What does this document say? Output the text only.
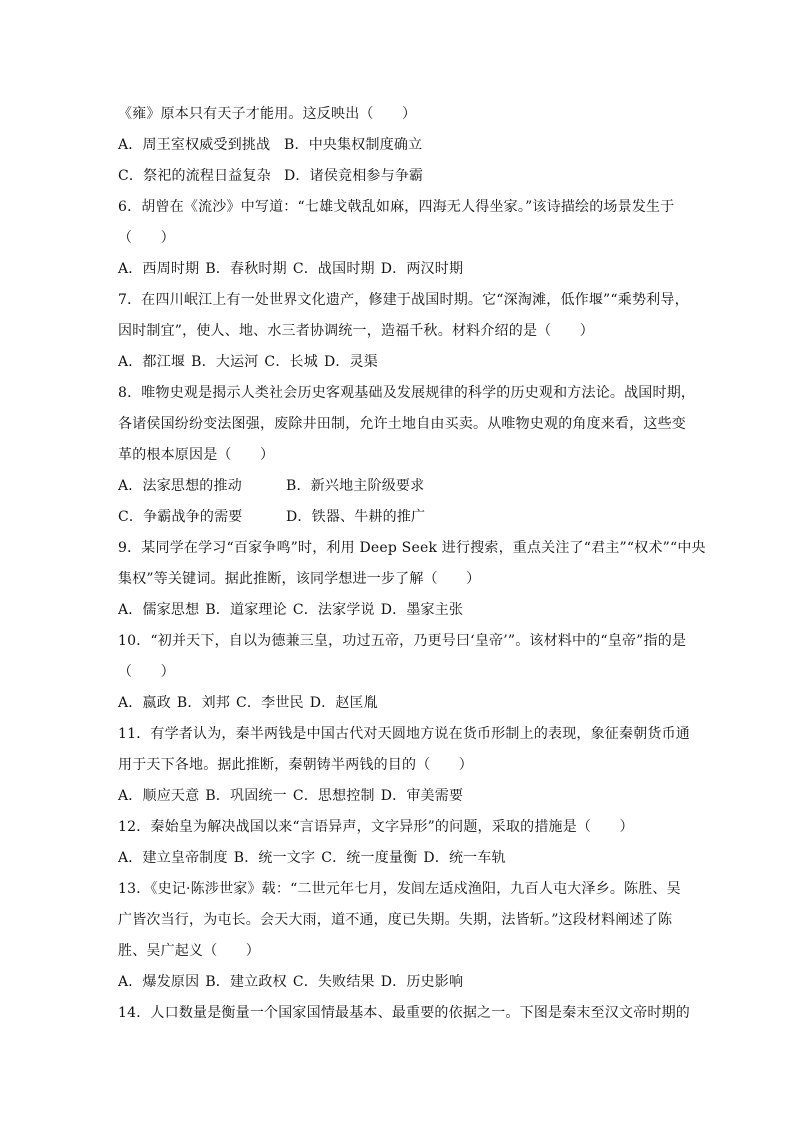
《雍》原本只有天子才能用。这反映出（　　）
A．周王室权威受到挑战 B．中央集权制度确立
C．祭祀的流程日益复杂 D．诸侯竞相参与争霸
6．胡曾在《流沙》中写道：“七雄戈戟乱如麻，四海无人得坐家。”该诗描绘的场景发生于
（　　）
A．西周时期 B．春秋时期 C．战国时期 D．两汉时期
7．在四川岷江上有一处世界文化遗产，修建于战国时期。它“深淘滩，低作堰”“乘势利导，
因时制宜”，使人、地、水三者协调统一，造福千秋。材料介绍的是（　　）
A．都江堰 B．大运河 C．长城 D．灵渠
8．唯物史观是揭示人类社会历史客观基础及发展规律的科学的历史观和方法论。战国时期，
各诸侯国纷纷变法图强，废除井田制，允许土地自由买卖。从唯物史观的角度来看，这些变
革的根本原因是（　　）
A．法家思想的推动	B．新兴地主阶级要求
C．争霸战争的需要	D．铁器、牛耕的推广
9．某同学在学习“百家争鸣”时，利用 Deep Seek 进行搜索，重点关注了“君主”“权术”“中央
集权”等关键词。据此推断，该同学想进一步了解（　　）
A．儒家思想 B．道家理论 C．法家学说 D．墨家主张
10．“初并天下，自以为德兼三皇，功过五帝，乃更号曰‘皇帝’”。该材料中的“皇帝”指的是
（　　）
A．嬴政 B．刘邦 C．李世民 D．赵匡胤
11．有学者认为，秦半两钱是中国古代对天圆地方说在货币形制上的表现，象征秦朝货币通
用于天下各地。据此推断，秦朝铸半两钱的目的（　　）
A．顺应天意 B．巩固统一 C．思想控制 D．审美需要
12．秦始皇为解决战国以来“言语异声，文字异形”的问题，采取的措施是（　　）
A．建立皇帝制度 B．统一文字 C．统一度量衡 D．统一车轨
13．《史记·陈涉世家》载：“二世元年七月，发闾左适戍渔阳，九百人屯大泽乡。陈胜、吴
广皆次当行，为屯长。会天大雨，道不通，度已失期。失期，法皆斩。”这段材料阐述了陈
胜、吴广起义（　　）
A．爆发原因 B．建立政权 C．失败结果 D．历史影响
14．人口数量是衡量一个国家国情最基本、最重要的依据之一。下图是秦末至汉文帝时期的
